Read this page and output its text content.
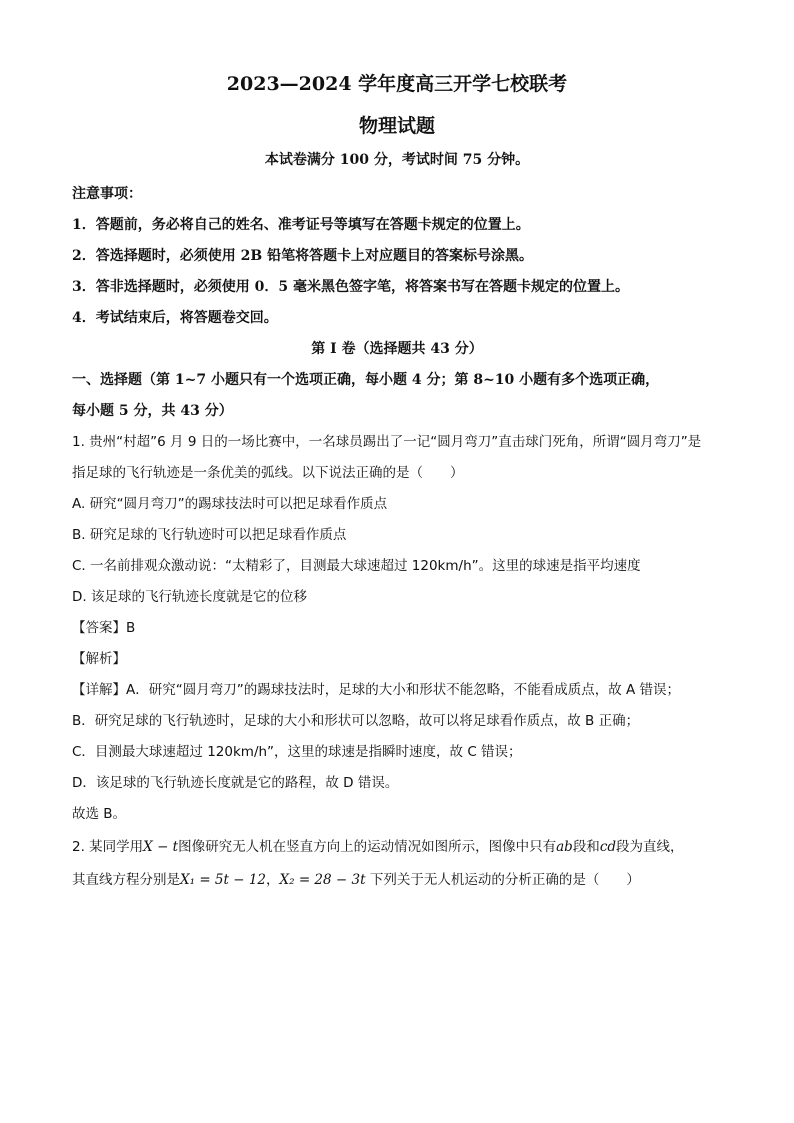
2023—2024 学年度高三开学七校联考
物理试题
本试卷满分 100 分，考试时间 75 分钟。
注意事项：
1．答题前，务必将自己的姓名、准考证号等填写在答题卡规定的位置上。
2．答选择题时，必须使用 2B 铅笔将答题卡上对应题目的答案标号涂黑。
3．答非选择题时，必须使用 0．5 毫米黑色签字笔，将答案书写在答题卡规定的位置上。
4．考试结束后，将答题卷交回。
第 I 卷（选择题共 43 分）
一、选择题（第 1~7 小题只有一个选项正确，每小题 4 分；第 8~10 小题有多个选项正确，
每小题 5 分，共 43 分）
1. 贵州“村超”6 月 9 日的一场比赛中，一名球员踢出了一记“圆月弯刀”直击球门死角，所谓“圆月弯刀”是
指足球的飞行轨迹是一条优美的弧线。以下说法正确的是（　　）
A. 研究“圆月弯刀”的踢球技法时可以把足球看作质点
B. 研究足球的飞行轨迹时可以把足球看作质点
C. 一名前排观众激动说：“太精彩了，目测最大球速超过 120km/h”。这里的球速是指平均速度
D. 该足球的飞行轨迹长度就是它的位移
【答案】B
【解析】
【详解】A．研究“圆月弯刀”的踢球技法时，足球的大小和形状不能忽略，不能看成质点，故 A 错误；
B．研究足球的飞行轨迹时，足球的大小和形状可以忽略，故可以将足球看作质点，故 B 正确；
C．目测最大球速超过 120km/h”，这里的球速是指瞬时速度，故 C 错误；
D．该足球的飞行轨迹长度就是它的路程，故 D 错误。
故选 B。
2. 某同学用X − t图像研究无人机在竖直方向上的运动情况如图所示，图像中只有ab段和cd段为直线，
其直线方程分别是X₁ = 5t − 12，X₂ = 28 − 3t 下列关于无人机运动的分析正确的是（　　）
